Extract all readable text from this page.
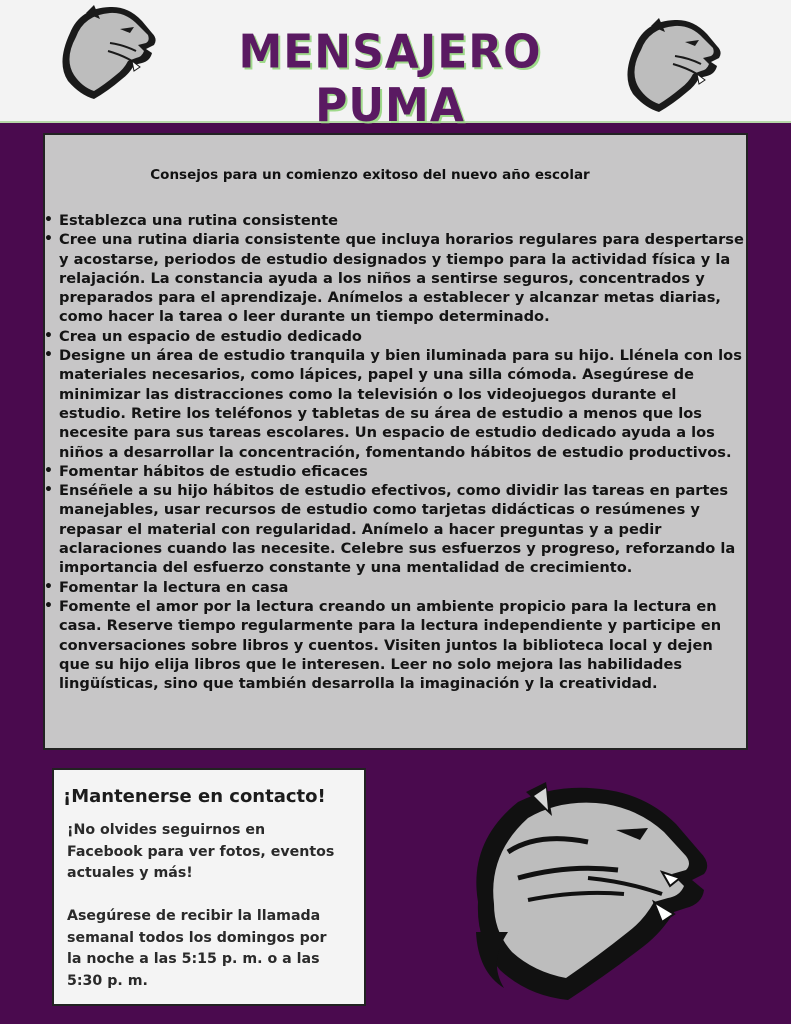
MENSAJERO PUMA
Consejos para un comienzo exitoso del nuevo año escolar
• Establezca una rutina consistente
• Cree una rutina diaria consistente que incluya horarios regulares para despertarse y acostarse, periodos de estudio designados y tiempo para la actividad física y la relajación. La constancia ayuda a los niños a sentirse seguros, concentrados y preparados para el aprendizaje. Anímelos a establecer y alcanzar metas diarias, como hacer la tarea o leer durante un tiempo determinado.
• Crea un espacio de estudio dedicado
• Designe un área de estudio tranquila y bien iluminada para su hijo. Llénela con los materiales necesarios, como lápices, papel y una silla cómoda. Asegúrese de minimizar las distracciones como la televisión o los videojuegos durante el estudio. Retire los teléfonos y tabletas de su área de estudio a menos que los necesite para sus tareas escolares. Un espacio de estudio dedicado ayuda a los niños a desarrollar la concentración, fomentando hábitos de estudio productivos.
• Fomentar hábitos de estudio eficaces
• Enséñele a su hijo hábitos de estudio efectivos, como dividir las tareas en partes manejables, usar recursos de estudio como tarjetas didácticas o resúmenes y repasar el material con regularidad. Anímelo a hacer preguntas y a pedir aclaraciones cuando las necesite. Celebre sus esfuerzos y progreso, reforzando la importancia del esfuerzo constante y una mentalidad de crecimiento.
• Fomentar la lectura en casa
• Fomente el amor por la lectura creando un ambiente propicio para la lectura en casa. Reserve tiempo regularmente para la lectura independiente y participe en conversaciones sobre libros y cuentos. Visiten juntos la biblioteca local y dejen que su hijo elija libros que le interesen. Leer no solo mejora las habilidades lingüísticas, sino que también desarrolla la imaginación y la creatividad.
¡Mantenerse en contacto!
¡No olvides seguirnos en Facebook para ver fotos, eventos actuales y más!
Asegúrese de recibir la llamada semanal todos los domingos por la noche a las 5:15 p. m. o a las 5:30 p. m.
